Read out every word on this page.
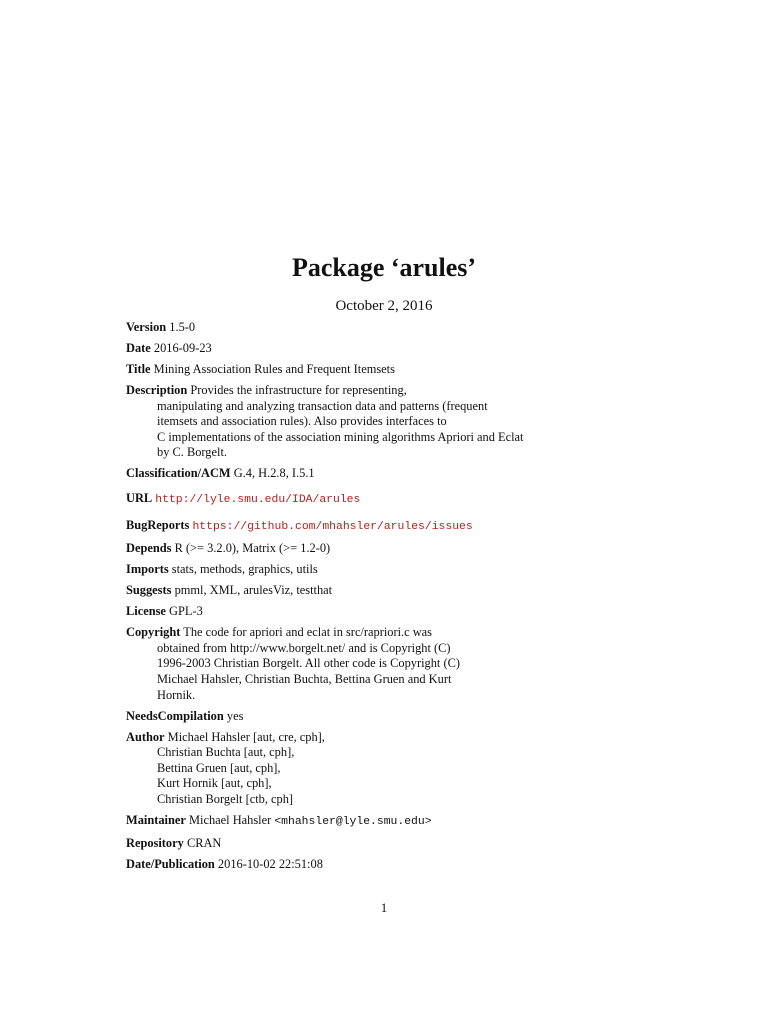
Package ‘arules’
October 2, 2016
Version 1.5-0
Date 2016-09-23
Title Mining Association Rules and Frequent Itemsets
Description Provides the infrastructure for representing,
manipulating and analyzing transaction data and patterns (frequent
itemsets and association rules). Also provides interfaces to
C implementations of the association mining algorithms Apriori and Eclat
by C. Borgelt.
Classification/ACM G.4, H.2.8, I.5.1
URL http://lyle.smu.edu/IDA/arules
BugReports https://github.com/mhahsler/arules/issues
Depends R (>= 3.2.0), Matrix (>= 1.2-0)
Imports stats, methods, graphics, utils
Suggests pmml, XML, arulesViz, testthat
License GPL-3
Copyright The code for apriori and eclat in src/rapriori.c was
obtained from http://www.borgelt.net/ and is Copyright (C)
1996-2003 Christian Borgelt. All other code is Copyright (C)
Michael Hahsler, Christian Buchta, Bettina Gruen and Kurt
Hornik.
NeedsCompilation yes
Author Michael Hahsler [aut, cre, cph],
Christian Buchta [aut, cph],
Bettina Gruen [aut, cph],
Kurt Hornik [aut, cph],
Christian Borgelt [ctb, cph]
Maintainer Michael Hahsler <mhahsler@lyle.smu.edu>
Repository CRAN
Date/Publication 2016-10-02 22:51:08
1
